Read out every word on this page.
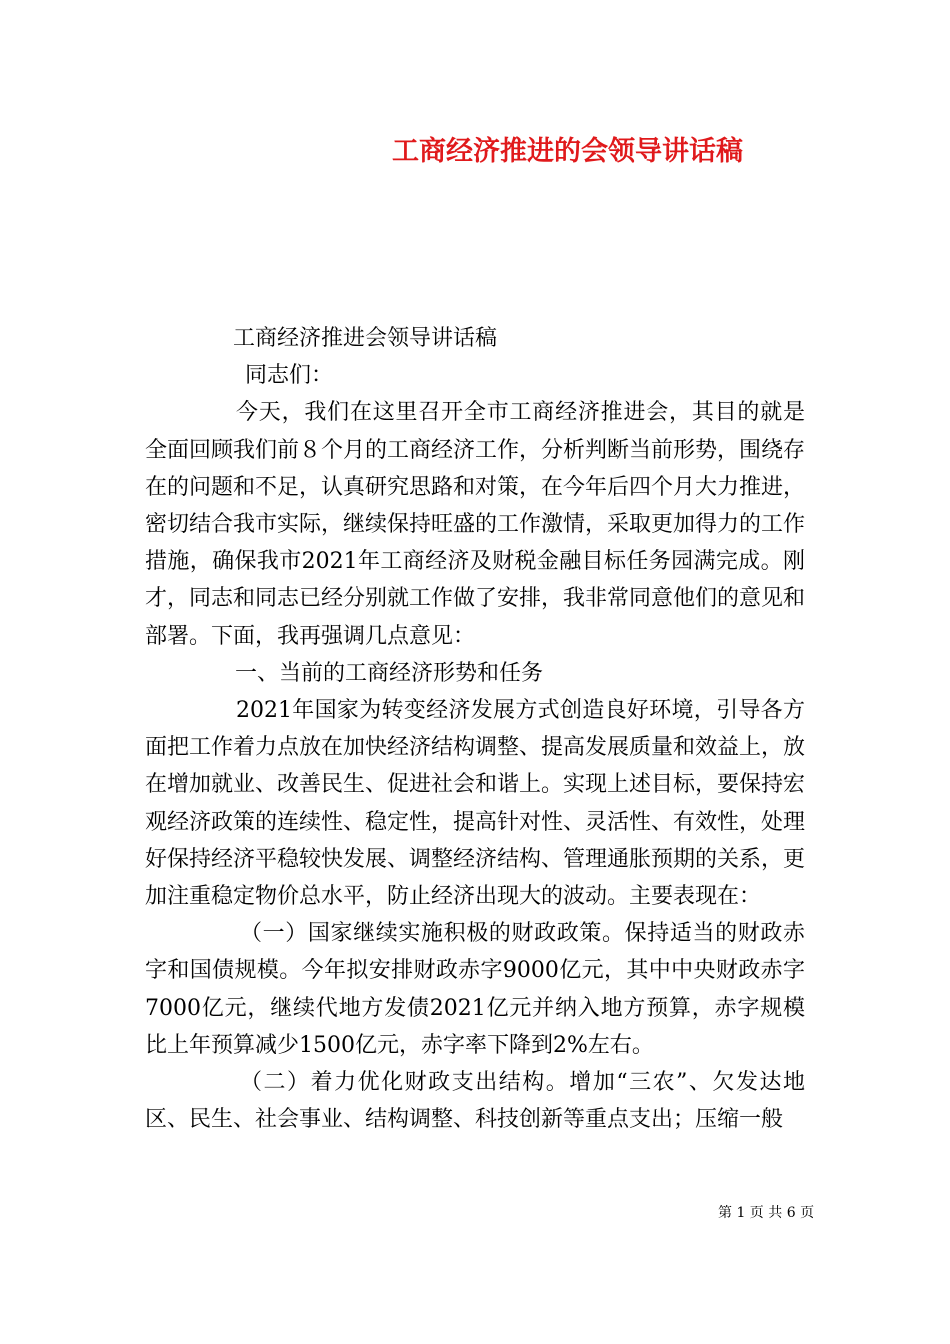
工商经济推进的会领导讲话稿

工商经济推进会领导讲话稿

同志们：

今天，我们在这里召开全市工商经济推进会，其目的就是全面回顾我们前８个月的工商经济工作，分析判断当前形势，围绕存在的问题和不足，认真研究思路和对策，在今年后四个月大力推进，密切结合我市实际，继续保持旺盛的工作激情，采取更加得力的工作措施，确保我市2021年工商经济及财税金融目标任务园满完成。刚才，同志和同志已经分别就工作做了安排，我非常同意他们的意见和部署。下面，我再强调几点意见：

一、当前的工商经济形势和任务

2021年国家为转变经济发展方式创造良好环境，引导各方面把工作着力点放在加快经济结构调整、提高发展质量和效益上，放在增加就业、改善民生、促进社会和谐上。实现上述目标，要保持宏观经济政策的连续性、稳定性，提高针对性、灵活性、有效性，处理好保持经济平稳较快发展、调整经济结构、管理通胀预期的关系，更加注重稳定物价总水平，防止经济出现大的波动。主要表现在：

（一）国家继续实施积极的财政政策。保持适当的财政赤字和国债规模。今年拟安排财政赤字9000亿元，其中中央财政赤字7000亿元，继续代地方发债2021亿元并纳入地方预算，赤字规模比上年预算减少1500亿元，赤字率下降到2%左右。

（二）着力优化财政支出结构。增加“三农”、欠发达地区、民生、社会事业、结构调整、科技创新等重点支出；压缩一般

第 1 页 共 6 页
